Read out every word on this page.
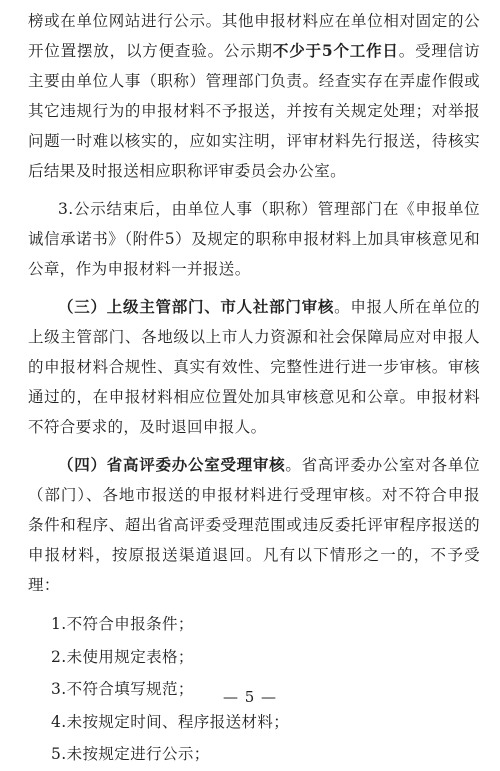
榜或在单位网站进行公示。其他申报材料应在单位相对固定的公开位置摆放，以方便查验。公示期不少于5个工作日。受理信访主要由单位人事（职称）管理部门负责。经查实存在弄虚作假或其它违规行为的申报材料不予报送，并按有关规定处理；对举报问题一时难以核实的，应如实注明，评审材料先行报送，待核实后结果及时报送相应职称评审委员会办公室。

3.公示结束后，由单位人事（职称）管理部门在《申报单位诚信承诺书》（附件5）及规定的职称申报材料上加具审核意见和公章，作为申报材料一并报送。

（三）上级主管部门、市人社部门审核。申报人所在单位的上级主管部门、各地级以上市人力资源和社会保障局应对申报人的申报材料合规性、真实有效性、完整性进行进一步审核。审核通过的，在申报材料相应位置处加具审核意见和公章。申报材料不符合要求的，及时退回申报人。

（四）省高评委办公室受理审核。省高评委办公室对各单位（部门）、各地市报送的申报材料进行受理审核。对不符合申报条件和程序、超出省高评委受理范围或违反委托评审程序报送的申报材料，按原报送渠道退回。凡有以下情形之一的，不予受理：

1.不符合申报条件；
2.未使用规定表格；
3.不符合填写规范；
4.未按规定时间、程序报送材料；
5.未按规定进行公示；
— 5 —
